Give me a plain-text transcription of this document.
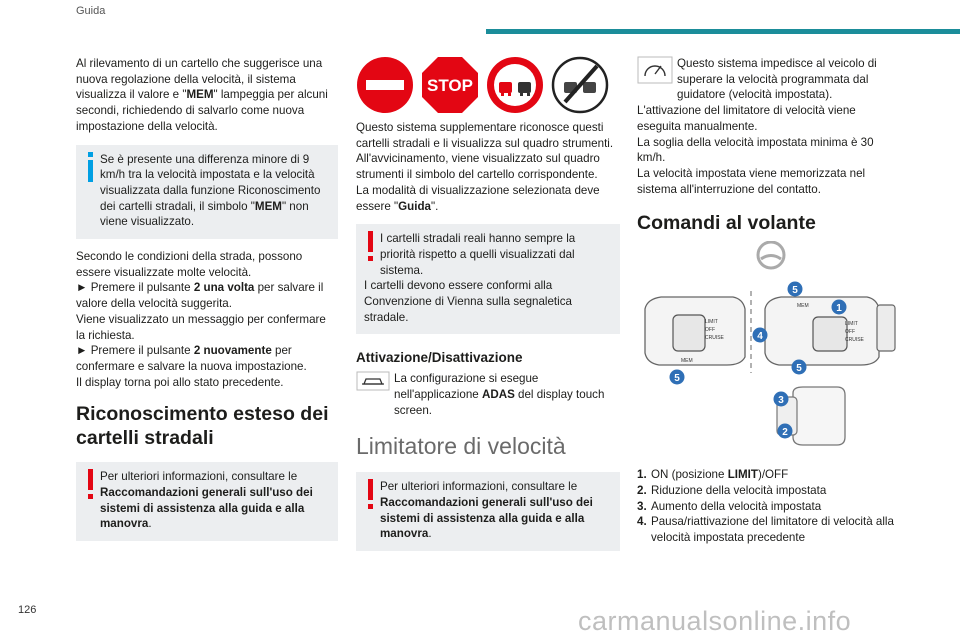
Guida

Al rilevamento di un cartello che suggerisce una nuova regolazione della velocità, il sistema visualizza il valore e "MEM" lampeggia per alcuni secondi, richiedendo di salvarlo come nuova impostazione della velocità.

Se è presente una differenza minore di 9 km/h tra la velocità impostata e la velocità visualizzata dalla funzione Riconoscimento dei cartelli stradali, il simbolo "MEM" non viene visualizzato.

Secondo le condizioni della strada, possono essere visualizzate molte velocità.

► Premere il pulsante 2 una volta per salvare il valore della velocità suggerita.

Viene visualizzato un messaggio per confermare la richiesta.

► Premere il pulsante 2 nuovamente per confermare e salvare la nuova impostazione.

Il display torna poi allo stato precedente.

Riconoscimento esteso dei cartelli stradali
Per ulteriori informazioni, consultare le Raccomandazioni generali sull'uso dei sistemi di assistenza alla guida e alla manovra.
STOP

Questo sistema supplementare riconosce questi cartelli stradali e li visualizza sul quadro strumenti.

All'avvicinamento, viene visualizzato sul quadro strumenti il simbolo del cartello corrispondente.

La modalità di visualizzazione selezionata deve essere "Guida".

I cartelli stradali reali hanno sempre la priorità rispetto a quelli visualizzati dal sistema.
I cartelli devono essere conformi alla Convenzione di Vienna sulla segnaletica stradale.
Attivazione/Disattivazione
La configurazione si esegue nell'applicazione ADAS del display touch screen.
Limitatore di velocità
Per ulteriori informazioni, consultare le Raccomandazioni generali sull'uso dei sistemi di assistenza alla guida e alla manovra.

Questo sistema impedisce al veicolo di superare la velocità programmata dal guidatore (velocità impostata).

L'attivazione del limitatore di velocità viene eseguita manualmente.

La soglia della velocità impostata minima è 30 km/h.

La velocità impostata viene memorizzata nel sistema all'interruzione del contatto.

Comandi al volante
LIMIT
OFF
CRUISE
MEM
LIMIT
OFF
CRUISE
MEM
5
5
1
4
5
3
2
1. ON (posizione LIMIT)/OFF
2. Riduzione della velocità impostata
3. Aumento della velocità impostata
4. Pausa/riattivazione del limitatore di velocità alla velocità impostata precedente
126	carmanualsonline.info
